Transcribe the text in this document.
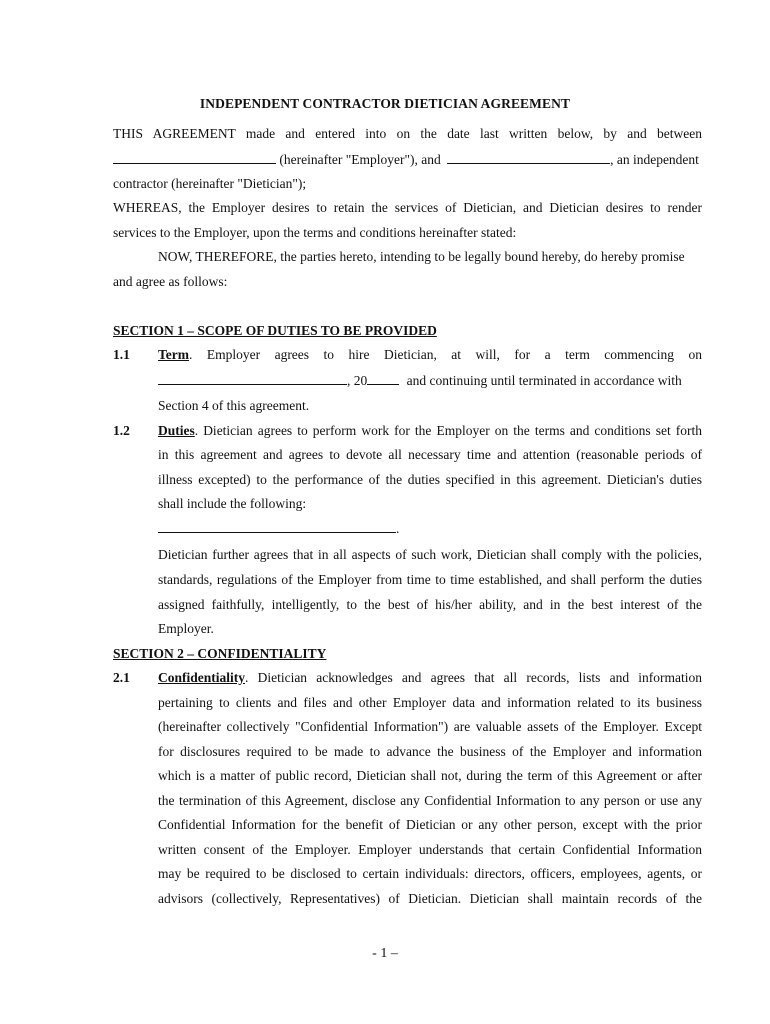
INDEPENDENT CONTRACTOR DIETICIAN AGREEMENT
THIS AGREEMENT made and entered into on the date last written below, by and between
(hereinafter "Employer"), and	, an independent
contractor (hereinafter "Dietician");
WHEREAS, the Employer desires to retain the services of Dietician, and Dietician desires to render
services to the Employer, upon the terms and conditions hereinafter stated:
NOW, THEREFORE, the parties hereto, intending to be legally bound hereby, do hereby promise
and agree as follows:
SECTION 1 – SCOPE OF DUTIES TO BE PROVIDED
1.1 Term. Employer agrees to hire Dietician, at will, for a term commencing on
, 20	and continuing until terminated in accordance with
Section 4 of this agreement.
1.2 Duties. Dietician agrees to perform work for the Employer on the terms and conditions set forth
in this agreement and agrees to devote all necessary time and attention (reasonable periods of
illness excepted) to the performance of the duties specified in this agreement. Dietician's duties
shall include the following:
.
Dietician further agrees that in all aspects of such work, Dietician shall comply with the policies,
standards, regulations of the Employer from time to time established, and shall perform the duties
assigned faithfully, intelligently, to the best of his/her ability, and in the best interest of the
Employer.
SECTION 2 – CONFIDENTIALITY
2.1 Confidentiality. Dietician acknowledges and agrees that all records, lists and information
pertaining to clients and files and other Employer data and information related to its business
(hereinafter collectively "Confidential Information") are valuable assets of the Employer. Except
for disclosures required to be made to advance the business of the Employer and information
which is a matter of public record, Dietician shall not, during the term of this Agreement or after
the termination of this Agreement, disclose any Confidential Information to any person or use any
Confidential Information for the benefit of Dietician or any other person, except with the prior
written consent of the Employer. Employer understands that certain Confidential Information
may be required to be disclosed to certain individuals: directors, officers, employees, agents, or
advisors (collectively, Representatives) of Dietician. Dietician shall maintain records of the
- 1 –
